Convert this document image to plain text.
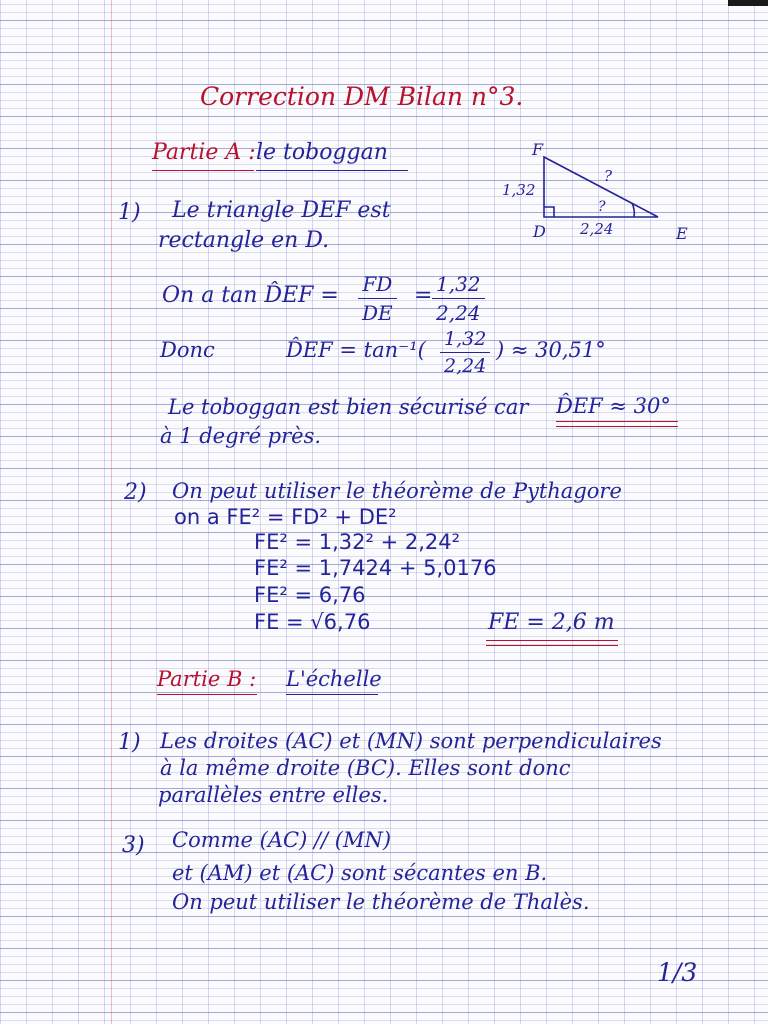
Correction DM Bilan n°3.
Partie A : le toboggan	F
D	E
1,32
2,24
?
?
1) Le triangle DEF est
rectangle en D.
On a tan D̂EF = FD
DE
= 1,32
2,24
Donc	D̂EF = tan⁻¹( 1,32
2,24
) ≈ 30,51°
Le toboggan est bien sécurisé car D̂EF ≈ 30°
à 1 degré près.
2) On peut utiliser le théorème de Pythagore
on a FE² = FD² + DE²
FE² = 1,32² + 2,24²
FE² = 1,7424 + 5,0176
FE² = 6,76
FE = √6,76	FE = 2,6 m
Partie B : L'échelle
1) Les droites (AC) et (MN) sont perpendiculaires
à la même droite (BC). Elles sont donc
parallèles entre elles.
3) Comme (AC) // (MN)
et (AM) et (AC) sont sécantes en B.
On peut utiliser le théorème de Thalès.
1/3
